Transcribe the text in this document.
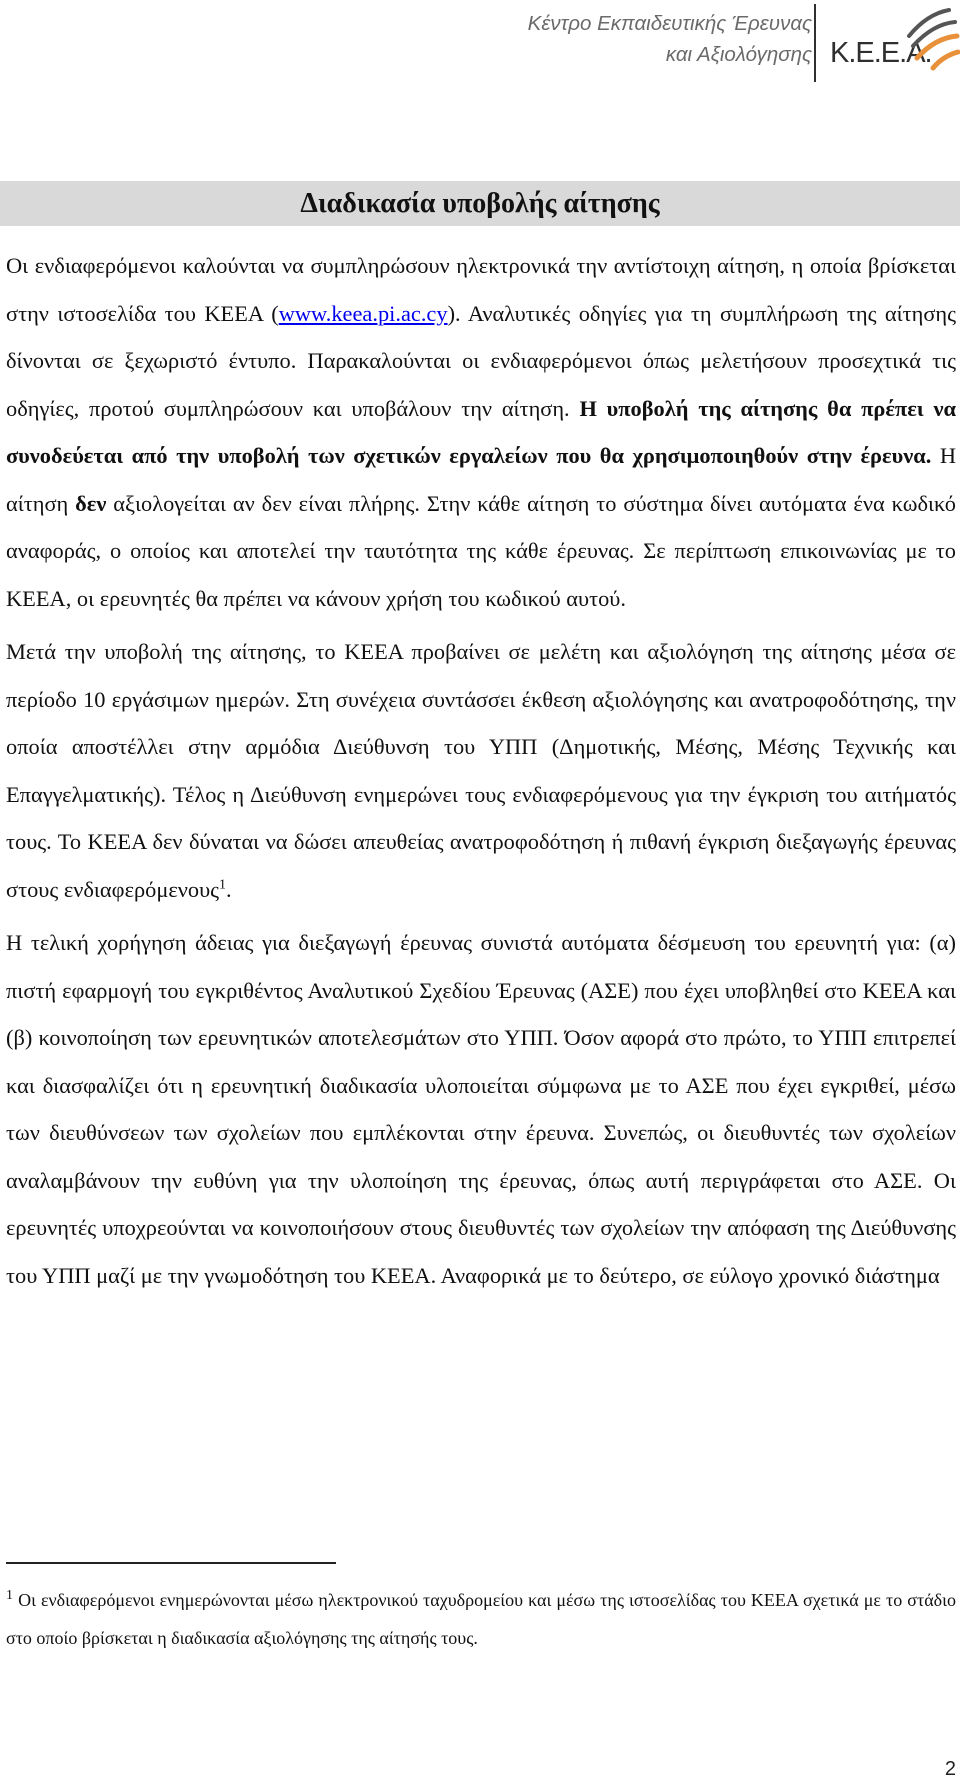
Κέντρο Εκπαιδευτικής Έρευνας
και Αξιολόγησης Κ.Ε.Ε.Α.
Διαδικασία υποβολής αίτησης

Οι ενδιαφερόμενοι καλούνται να συμπληρώσουν ηλεκτρονικά την αντίστοιχη αίτηση, η οποία βρίσκεται στην ιστοσελίδα του ΚΕΕΑ (www.keea.pi.ac.cy). Αναλυτικές οδηγίες για τη συμπλήρωση της αίτησης δίνονται σε ξεχωριστό έντυπο. Παρακαλούνται οι ενδιαφερόμενοι όπως μελετήσουν προσεχτικά τις οδηγίες, προτού συμπληρώσουν και υποβάλουν την αίτηση. Η υποβολή της αίτησης θα πρέπει να συνοδεύεται από την υποβολή των σχετικών εργαλείων που θα χρησιμοποιηθούν στην έρευνα. Η αίτηση δεν αξιολογείται αν δεν είναι πλήρης. Στην κάθε αίτηση το σύστημα δίνει αυτόματα ένα κωδικό αναφοράς, ο οποίος και αποτελεί την ταυτότητα της κάθε έρευνας. Σε περίπτωση επικοινωνίας με το ΚΕΕΑ, οι ερευνητές θα πρέπει να κάνουν χρήση του κωδικού αυτού.

Μετά την υποβολή της αίτησης, το ΚΕΕΑ προβαίνει σε μελέτη και αξιολόγηση της αίτησης μέσα σε περίοδο 10 εργάσιμων ημερών. Στη συνέχεια συντάσσει έκθεση αξιολόγησης και ανατροφοδότησης, την οποία αποστέλλει στην αρμόδια Διεύθυνση του ΥΠΠ (Δημοτικής, Μέσης, Μέσης Τεχνικής και Επαγγελματικής). Τέλος η Διεύθυνση ενημερώνει τους ενδιαφερόμενους για την έγκριση του αιτήματός τους. Το ΚΕΕΑ δεν δύναται να δώσει απευθείας ανατροφοδότηση ή πιθανή έγκριση διεξαγωγής έρευνας στους ενδιαφερόμενους$^1$.

Η τελική χορήγηση άδειας για διεξαγωγή έρευνας συνιστά αυτόματα δέσμευση του ερευνητή για: (α) πιστή εφαρμογή του εγκριθέντος Αναλυτικού Σχεδίου Έρευνας (ΑΣΕ) που έχει υποβληθεί στο ΚΕΕΑ και (β) κοινοποίηση των ερευνητικών αποτελεσμάτων στο ΥΠΠ. Όσον αφορά στο πρώτο, το ΥΠΠ επιτρεπεί και διασφαλίζει ότι η ερευνητική διαδικασία υλοποιείται σύμφωνα με το ΑΣΕ που έχει εγκριθεί, μέσω των διευθύνσεων των σχολείων που εμπλέκονται στην έρευνα. Συνεπώς, οι διευθυντές των σχολείων αναλαμβάνουν την ευθύνη για την υλοποίηση της έρευνας, όπως αυτή περιγράφεται στο ΑΣΕ. Οι ερευνητές υποχρεούνται να κοινοποιήσουν στους διευθυντές των σχολείων την απόφαση της Διεύθυνσης του ΥΠΠ μαζί με την γνωμοδότηση του ΚΕΕΑ. Αναφορικά με το δεύτερο, σε εύλογο χρονικό διάστημα

$^1$ Οι ενδιαφερόμενοι ενημερώνονται μέσω ηλεκτρονικού ταχυδρομείου και μέσω της ιστοσελίδας του ΚΕΕΑ σχετικά με το στάδιο στο οποίο βρίσκεται η διαδικασία αξιολόγησης της αίτησής τους.

2
